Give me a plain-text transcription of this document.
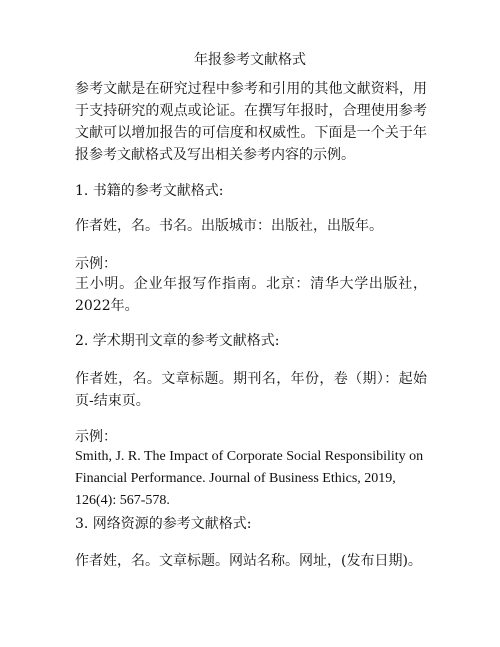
年报参考文献格式

参考文献是在研究过程中参考和引用的其他文献资料，用于支持研究的观点或论证。在撰写年报时，合理使用参考文献可以增加报告的可信度和权威性。下面是一个关于年报参考文献格式及写出相关参考内容的示例。

1. 书籍的参考文献格式:

作者姓，名。书名。出版城市：出版社，出版年。

示例：

王小明。企业年报写作指南。北京：清华大学出版社，2022年。

2. 学术期刊文章的参考文献格式:

作者姓，名。文章标题。期刊名，年份，卷（期）：起始页-结束页。

示例：

Smith, J. R. The Impact of Corporate Social Responsibility on Financial Performance. Journal of Business Ethics, 2019, 126(4): 567-578.

3. 网络资源的参考文献格式:

作者姓，名。文章标题。网站名称。网址，(发布日期)。
